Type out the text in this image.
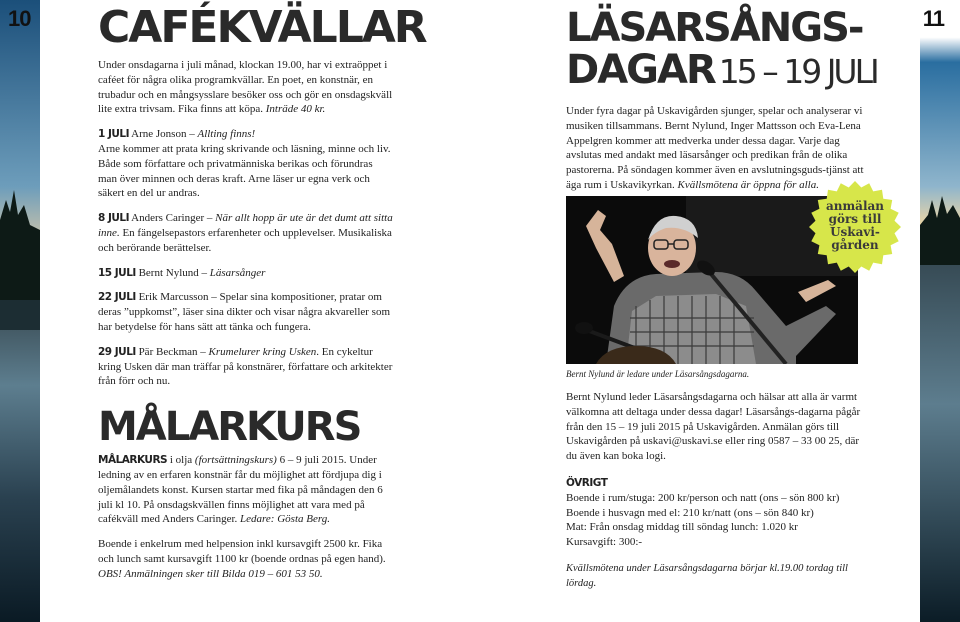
10	11
CAFÉKVÄLLAR

Under onsdagarna i juli månad, klockan 19.00, har vi extraöppet i caféet för några olika programkvällar. En poet, en konstnär, en trubadur och en mångsysslare besöker oss och gör en onsdagskväll lite extra trivsam. Fika finns att köpa. Inträde 40 kr.

1 JULI Arne Jonson – Allting finns!
Arne kommer att prata kring skrivande och läsning, minne och liv. Både som författare och privatmänniska berikas och förundras man över minnen och deras kraft. Arne läser ur egna verk och säkert en del ur andras.

8 JULI Anders Caringer – När allt hopp är ute är det dumt att sitta inne. En fängelsepastors erfarenheter och upplevelser. Musikaliska och berörande berättelser.

15 JULI Bernt Nylund – Läsarsånger

22 JULI Erik Marcusson – Spelar sina kompositioner, pratar om deras ”uppkomst”, läser sina dikter och visar några akvareller som har betydelse för hans sätt att tänka och fungera.

29 JULI Pär Beckman – Krumelurer kring Usken. En cykeltur kring Usken där man träffar på konstnärer, författare och arkitekter från förr och nu.

MÅLARKURS

MÅLARKURS i olja (fortsättningskurs) 6 – 9 juli 2015. Under ledning av en erfaren konstnär får du möjlighet att fördjupa dig i oljemålandets konst. Kursen startar med fika på måndagen den 6 juli kl 10. På onsdagskvällen finns möjlighet att vara med på cafékväll med Anders Caringer. Ledare: Gösta Berg.

Boende i enkelrum med helpension inkl kursavgift 2500 kr. Fika och lunch samt kursavgift 1100 kr (boende ordnas på egen hand). OBS! Anmälningen sker till Bilda 019 – 601 53 50.

LÄSARSÅNGS-
DAGAR 15 – 19 JULI

Under fyra dagar på Uskavigården sjunger, spelar och analyserar vi musiken tillsammans. Bernt Nylund, Inger Mattsson och Eva-Lena Appelgren kommer att medverka under dessa dagar. Varje dag avslutas med andakt med läsarsånger och predikan från de olika pastorerna. På söndagen kommer även en avslutningsguds-tjänst att äga rum i Uskavikyrkan. Kvällsmötena är öppna för alla.

anmälan
görs till
Uskavi-
gården

Bernt Nylund är ledare under Läsarsångsdagarna.

Bernt Nylund leder Läsarsångsdagarna och hälsar att alla är varmt välkomna att deltaga under dessa dagar! Läsarsångs-dagarna pågår från den 15 – 19 juli 2015 på Uskavigården. Anmälan görs till Uskavigården på uskavi@uskavi.se eller ring 0587 – 33 00 25, där du även kan boka logi.

ÖVRIGT
Boende i rum/stuga: 200 kr/person och natt (ons – sön 800 kr)
Boende i husvagn med el: 210 kr/natt (ons – sön 840 kr)
Mat: Från onsdag middag till söndag lunch: 1.020 kr
Kursavgift: 300:-

Kvällsmötena under Läsarsångsdagarna börjar kl.19.00 tordag till lördag.
